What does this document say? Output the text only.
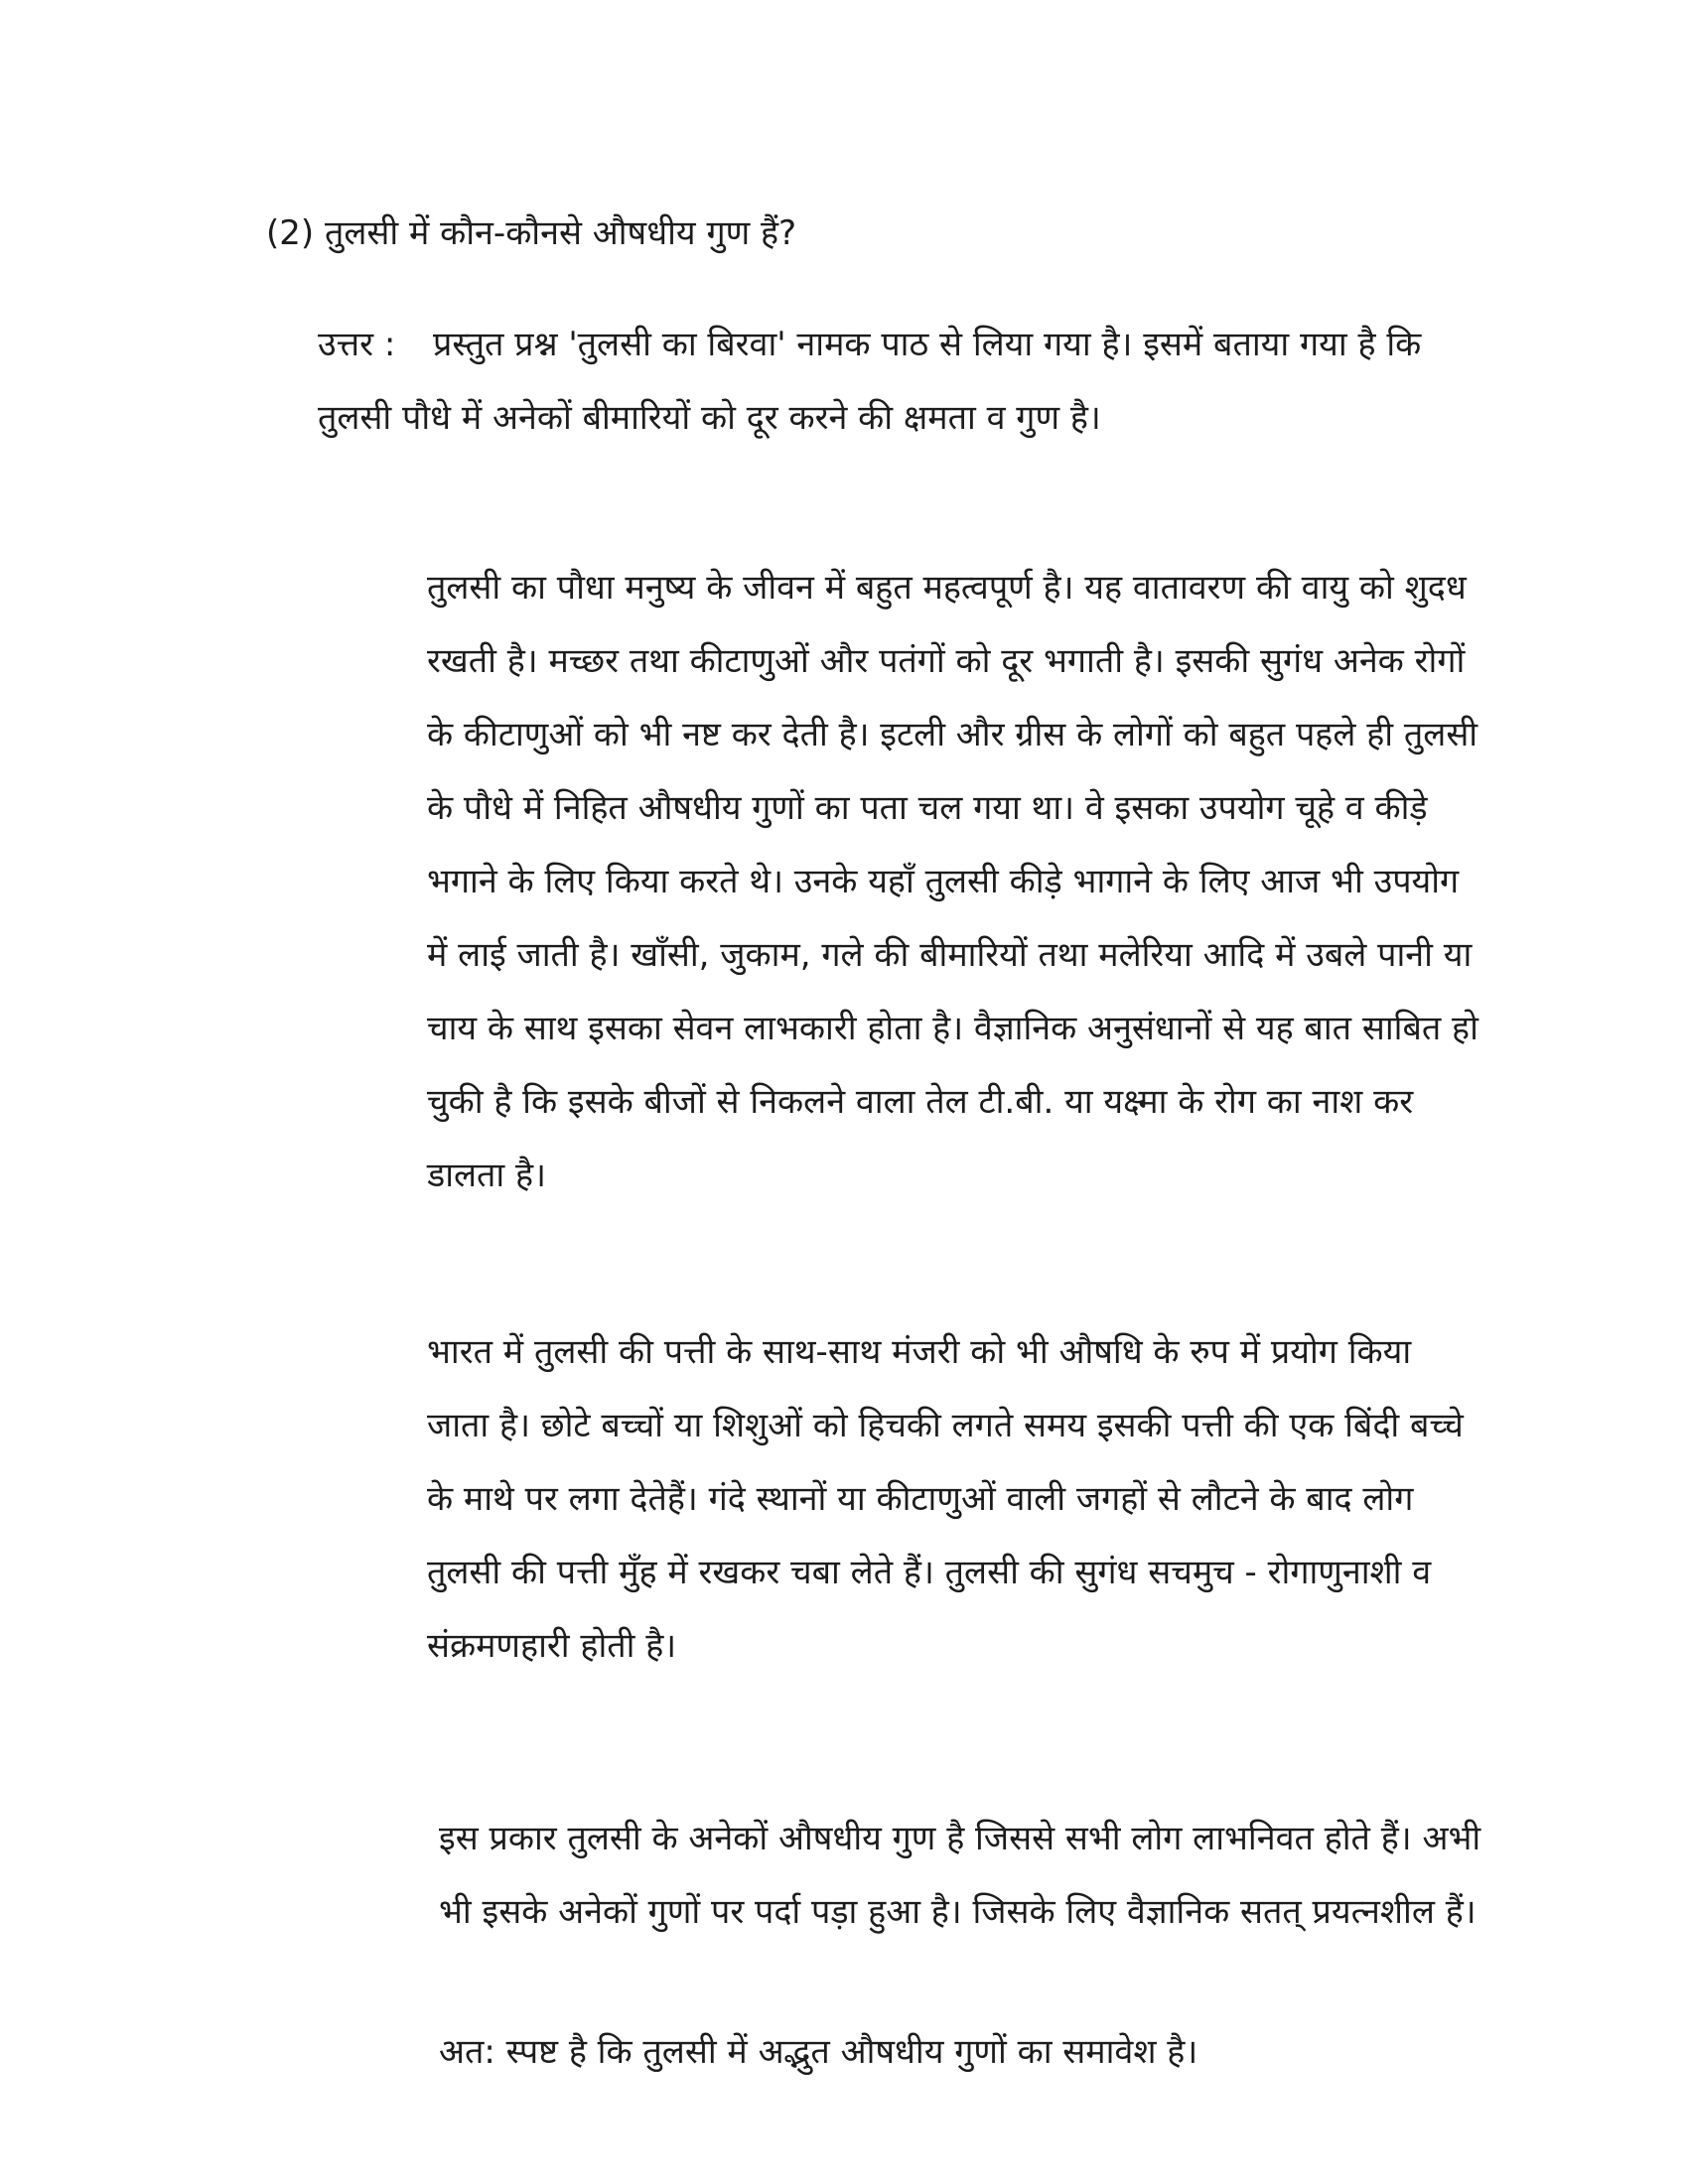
(2) तुलसी में कौन-कौनसे औषधीय गुण हैं?
उत्तर : प्रस्तुत प्रश्न 'तुलसी का बिरवा' नामक पाठ से लिया गया है। इसमें बताया गया है कि तुलसी पौधे में अनेकों बीमारियों को दूर करने की क्षमता व गुण है।
तुलसी का पौधा मनुष्य के जीवन में बहुत महत्वपूर्ण है। यह वातावरण की वायु को शुदध रखती है। मच्छर तथा कीटाणुओं और पतंगों को दूर भगाती है। इसकी सुगंध अनेक रोगों के कीटाणुओं को भी नष्ट कर देती है। इटली और ग्रीस के लोगों को बहुत पहले ही तुलसी के पौधे में निहित औषधीय गुणों का पता चल गया था। वे इसका उपयोग चूहे व कीड़े भगाने के लिए किया करते थे। उनके यहाँ तुलसी कीड़े भागाने के लिए आज भी उपयोग में लाई जाती है। खाँसी, जुकाम, गले की बीमारियों तथा मलेरिया आदि में उबले पानी या चाय के साथ इसका सेवन लाभकारी होता है। वैज्ञानिक अनुसंधानों से यह बात साबित हो चुकी है कि इसके बीजों से निकलने वाला तेल टी.बी. या यक्ष्मा के रोग का नाश कर डालता है।
भारत में तुलसी की पत्ती के साथ-साथ मंजरी को भी औषधि के रुप में प्रयोग किया जाता है। छोटे बच्चों या शिशुओं को हिचकी लगते समय इसकी पत्ती की एक बिंदी बच्चे के माथे पर लगा देतेहैं। गंदे स्थानों या कीटाणुओं वाली जगहों से लौटने के बाद लोग तुलसी की पत्ती मुँह में रखकर चबा लेते हैं। तुलसी की सुगंध सचमुच - रोगाणुनाशी व संक्रमणहारी होती है।
इस प्रकार तुलसी के अनेकों औषधीय गुण है जिससे सभी लोग लाभनिवत होते हैं। अभी भी इसके अनेकों गुणों पर पर्दा पड़ा हुआ है। जिसके लिए वैज्ञानिक सतत् प्रयत्नशील हैं।
अत: स्पष्ट है कि तुलसी में अद्भुत औषधीय गुणों का समावेश है।
